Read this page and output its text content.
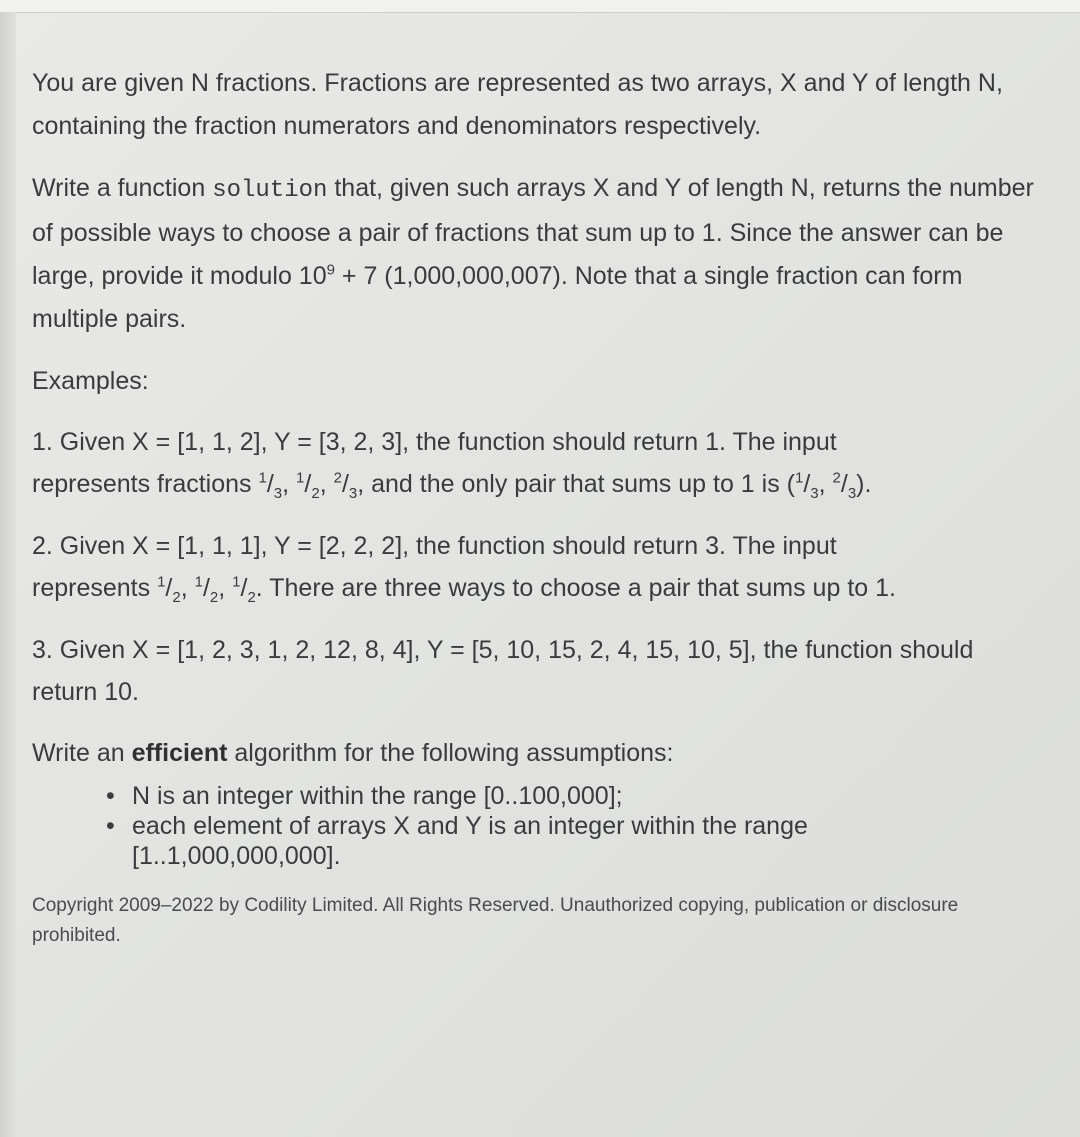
You are given N fractions. Fractions are represented as two arrays, X and Y of length N, containing the fraction numerators and denominators respectively.

Write a function solution that, given such arrays X and Y of length N, returns the number of possible ways to choose a pair of fractions that sum up to 1. Since the answer can be large, provide it modulo $10^9 + 7$ (1,000,000,007). Note that a single fraction can form multiple pairs.

Examples:

1. Given X = [1, 1, 2], Y = [3, 2, 3], the function should return 1. The input
represents fractions $^1/_3$, $^1/_2$, $^2/_3$, and the only pair that sums up to 1 is ($^1/_3$, $^2/_3$).

2. Given X = [1, 1, 1], Y = [2, 2, 2], the function should return 3. The input
represents $^1/_2$, $^1/_2$, $^1/_2$. There are three ways to choose a pair that sums up to 1.

3. Given X = [1, 2, 3, 1, 2, 12, 8, 4], Y = [5, 10, 15, 2, 4, 15, 10, 5], the function should return 10.

Write an efficient algorithm for the following assumptions:
• N is an integer within the range [0..100,000];
• each element of arrays X and Y is an integer within the range [1..1,000,000,000].

Copyright 2009–2022 by Codility Limited. All Rights Reserved. Unauthorized copying, publication or disclosure prohibited.
